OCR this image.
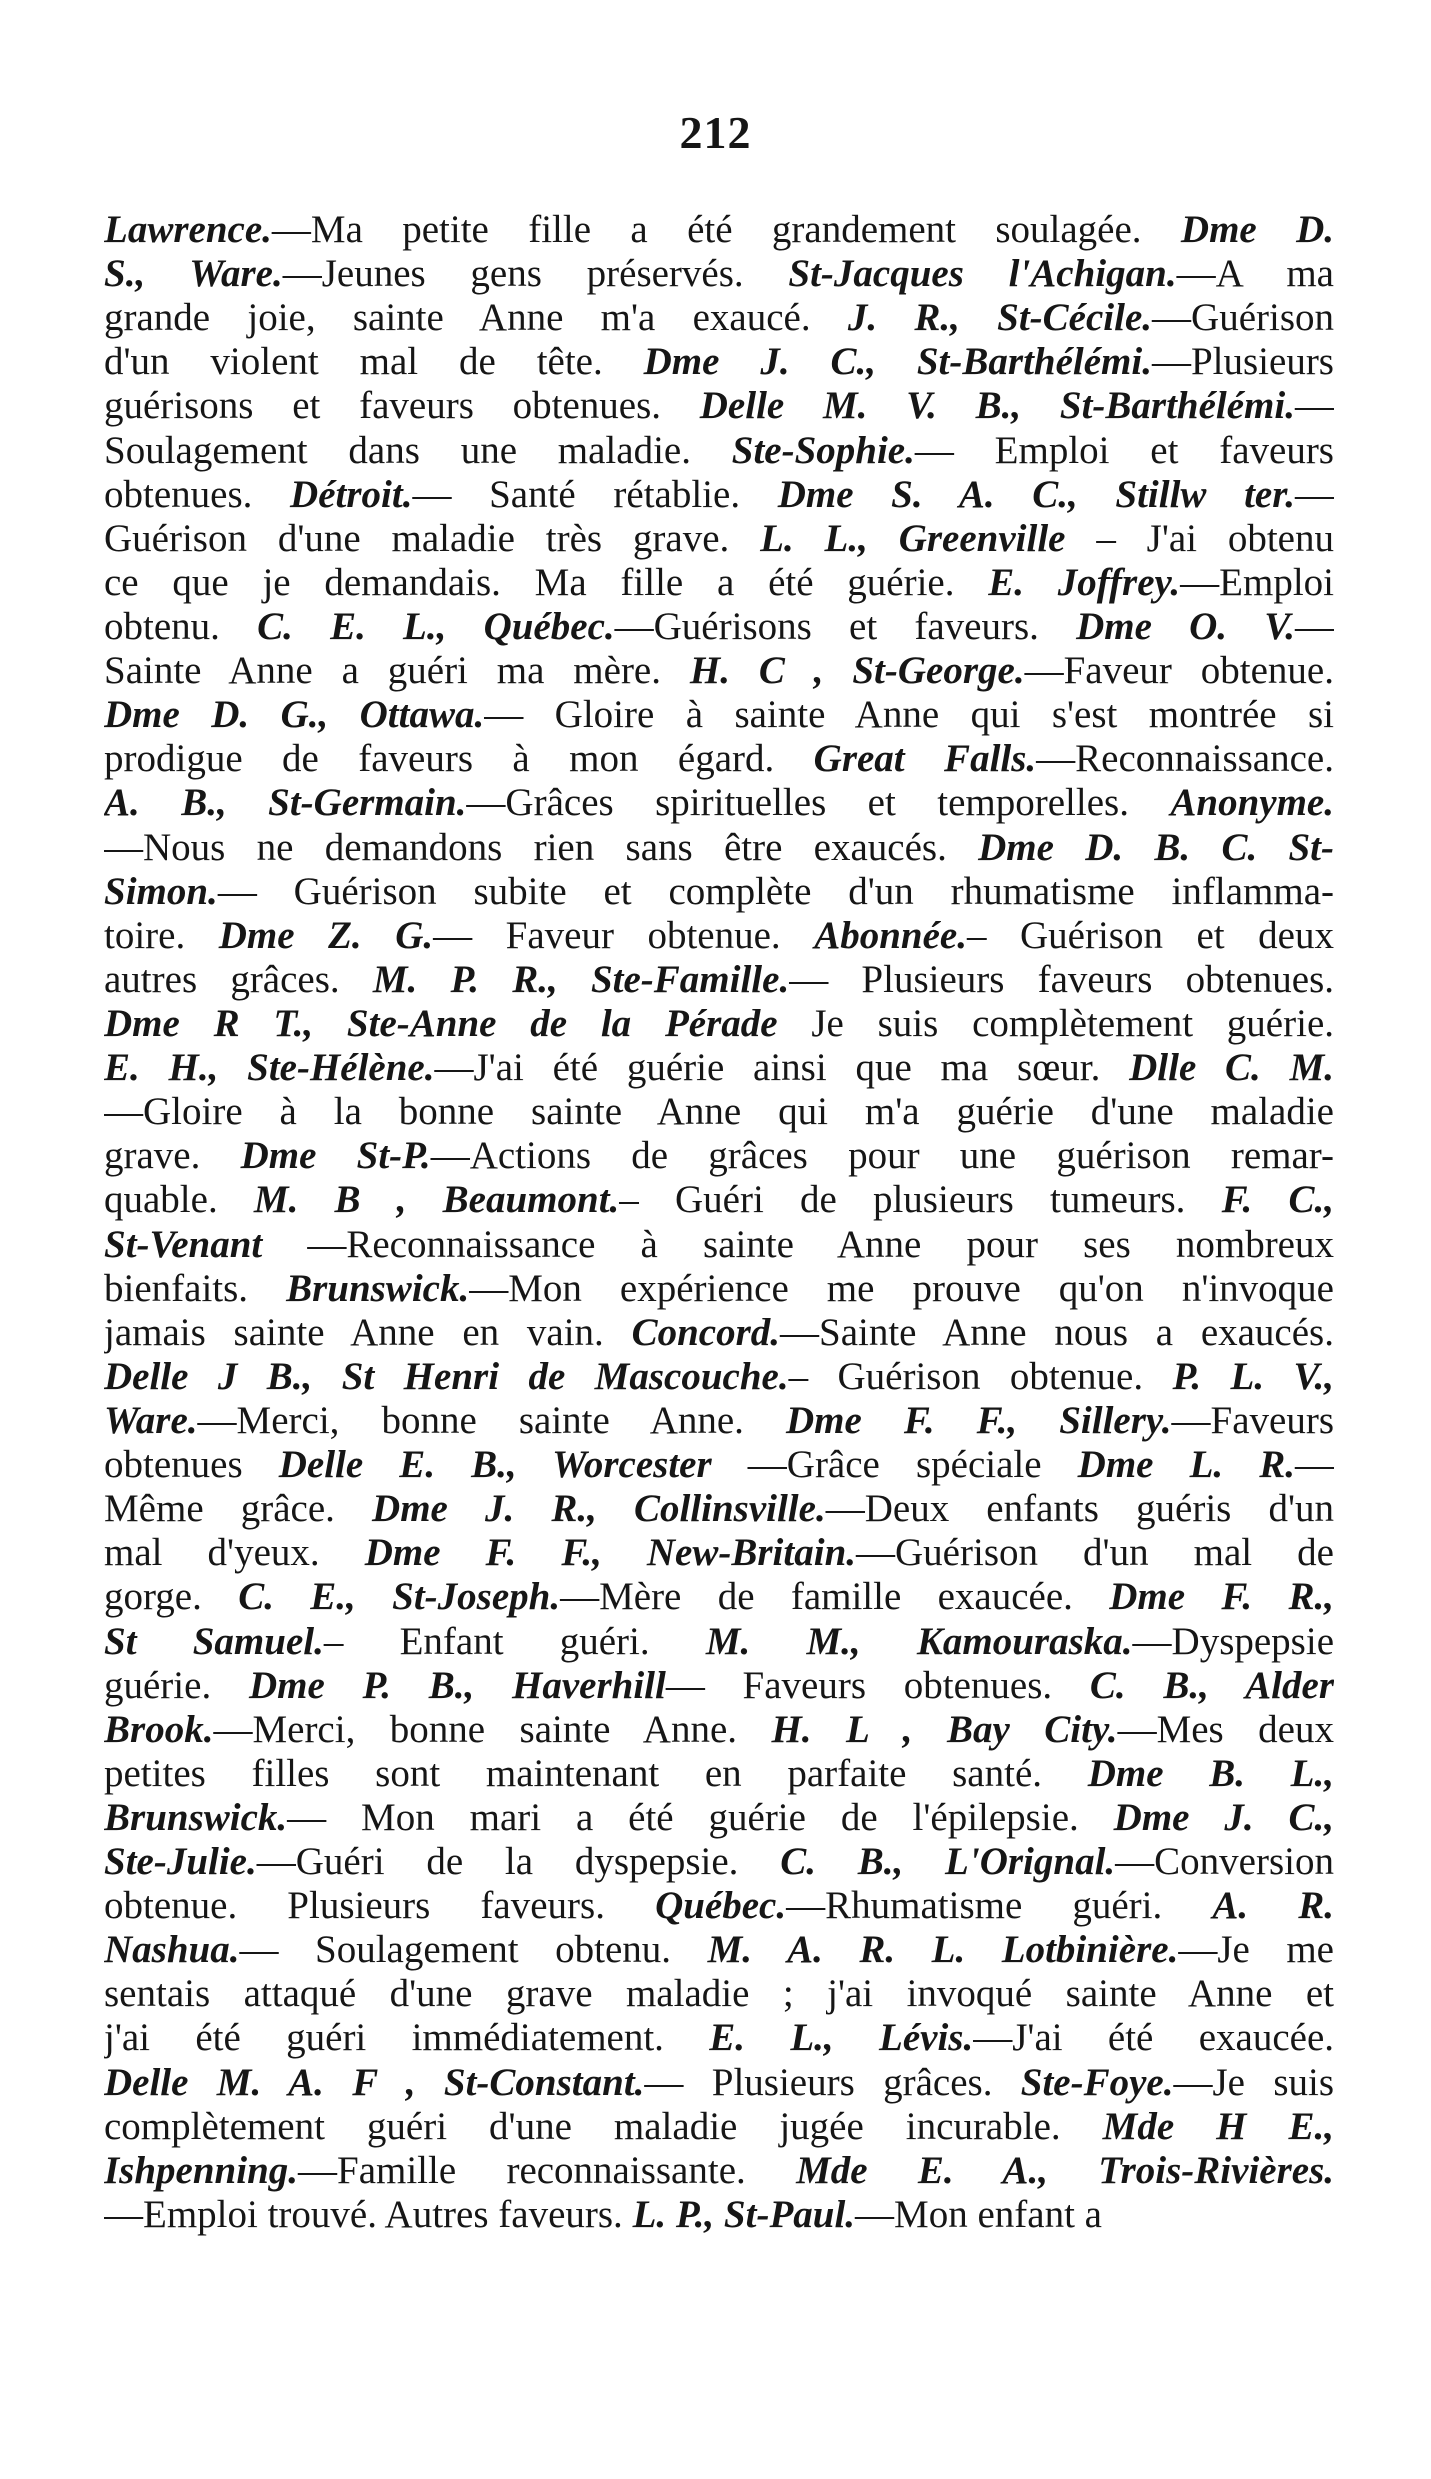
212
Lawrence.—Ma petite fille a été grandement soulagée. Dme D.
S., Ware.—Jeunes gens préservés. St-Jacques l'Achigan.—A ma
grande joie, sainte Anne m'a exaucé. J. R., St-Cécile.—Guérison
d'un violent mal de tête. Dme J. C., St-Barthélémi.—Plusieurs
guérisons et faveurs obtenues. Delle M. V. B., St-Barthélémi.—
Soulagement dans une maladie. Ste-Sophie.— Emploi et faveurs
obtenues. Détroit.— Santé rétablie. Dme S. A. C., Stillw ter.—
Guérison d'une maladie très grave. L. L., Greenville – J'ai obtenu
ce que je demandais. Ma fille a été guérie. E. Joffrey.—Emploi
obtenu. C. E. L., Québec.—Guérisons et faveurs. Dme O. V.—
Sainte Anne a guéri ma mère. H. C , St-George.—Faveur obtenue.
Dme D. G., Ottawa.— Gloire à sainte Anne qui s'est montrée si
prodigue de faveurs à mon égard. Great Falls.—Reconnaissance.
A. B., St-Germain.—Grâces spirituelles et temporelles. Anonyme.
—Nous ne demandons rien sans être exaucés. Dme D. B. C. St-
Simon.— Guérison subite et complète d'un rhumatisme inflamma-
toire. Dme Z. G.— Faveur obtenue. Abonnée.– Guérison et deux
autres grâces. M. P. R., Ste-Famille.— Plusieurs faveurs obtenues.
Dme R T., Ste-Anne de la Pérade Je suis complètement guérie.
E. H., Ste-Hélène.—J'ai été guérie ainsi que ma sœur. Dlle C. M.
—Gloire à la bonne sainte Anne qui m'a guérie d'une maladie
grave. Dme St-P.—Actions de grâces pour une guérison remar-
quable. M. B , Beaumont.– Guéri de plusieurs tumeurs. F. C.,
St-Venant —Reconnaissance à sainte Anne pour ses nombreux
bienfaits. Brunswick.—Mon expérience me prouve qu'on n'invoque
jamais sainte Anne en vain. Concord.—Sainte Anne nous a exaucés.
Delle J B., St Henri de Mascouche.– Guérison obtenue. P. L. V.,
Ware.—Merci, bonne sainte Anne. Dme F. F., Sillery.—Faveurs
obtenues Delle E. B., Worcester —Grâce spéciale Dme L. R.—
Même grâce. Dme J. R., Collinsville.—Deux enfants guéris d'un
mal d'yeux. Dme F. F., New-Britain.—Guérison d'un mal de
gorge. C. E., St-Joseph.—Mère de famille exaucée. Dme F. R.,
St Samuel.– Enfant guéri. M. M., Kamouraska.—Dyspepsie
guérie. Dme P. B., Haverhill— Faveurs obtenues. C. B., Alder
Brook.—Merci, bonne sainte Anne. H. L , Bay City.—Mes deux
petites filles sont maintenant en parfaite santé. Dme B. L.,
Brunswick.— Mon mari a été guérie de l'épilepsie. Dme J. C.,
Ste-Julie.—Guéri de la dyspepsie. C. B., L'Orignal.—Conversion
obtenue. Plusieurs faveurs. Québec.—Rhumatisme guéri. A. R.
Nashua.— Soulagement obtenu. M. A. R. L. Lotbinière.—Je me
sentais attaqué d'une grave maladie ; j'ai invoqué sainte Anne et
j'ai été guéri immédiatement. E. L., Lévis.—J'ai été exaucée.
Delle M. A. F , St-Constant.— Plusieurs grâces. Ste-Foye.—Je suis
complètement guéri d'une maladie jugée incurable. Mde H E.,
Ishpenning.—Famille reconnaissante. Mde E. A., Trois-Rivières.
—Emploi trouvé. Autres faveurs. L. P., St-Paul.—Mon enfant a
